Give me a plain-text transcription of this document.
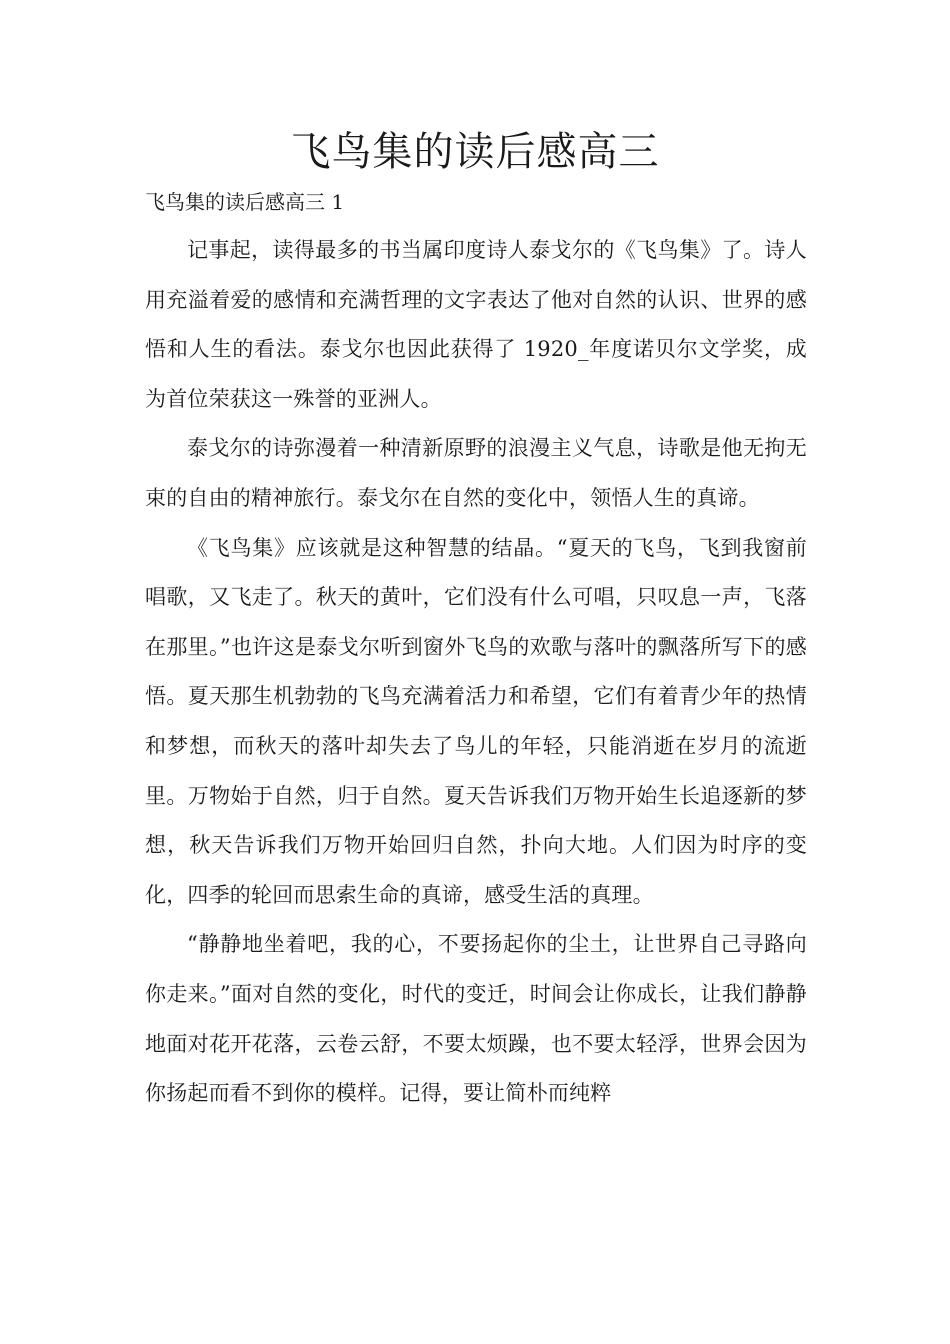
飞鸟集的读后感高三

飞鸟集的读后感高三 1

记事起，读得最多的书当属印度诗人泰戈尔的《飞鸟集》了。诗人用充溢着爱的感情和充满哲理的文字表达了他对自然的认识、世界的感悟和人生的看法。泰戈尔也因此获得了 1920_年度诺贝尔文学奖，成为首位荣获这一殊誉的亚洲人。

泰戈尔的诗弥漫着一种清新原野的浪漫主义气息，诗歌是他无拘无束的自由的精神旅行。泰戈尔在自然的变化中，领悟人生的真谛。

《飞鸟集》应该就是这种智慧的结晶。“夏天的飞鸟，飞到我窗前唱歌，又飞走了。秋天的黄叶，它们没有什么可唱，只叹息一声，飞落在那里。”也许这是泰戈尔听到窗外飞鸟的欢歌与落叶的飘落所写下的感悟。夏天那生机勃勃的飞鸟充满着活力和希望，它们有着青少年的热情和梦想，而秋天的落叶却失去了鸟儿的年轻，只能消逝在岁月的流逝里。万物始于自然，归于自然。夏天告诉我们万物开始生长追逐新的梦想，秋天告诉我们万物开始回归自然，扑向大地。人们因为时序的变化，四季的轮回而思索生命的真谛，感受生活的真理。

“静静地坐着吧，我的心，不要扬起你的尘土，让世界自己寻路向你走来。”面对自然的变化，时代的变迁，时间会让你成长，让我们静静地面对花开花落，云卷云舒，不要太烦躁，也不要太轻浮，世界会因为你扬起而看不到你的模样。记得，要让简朴而纯粹
